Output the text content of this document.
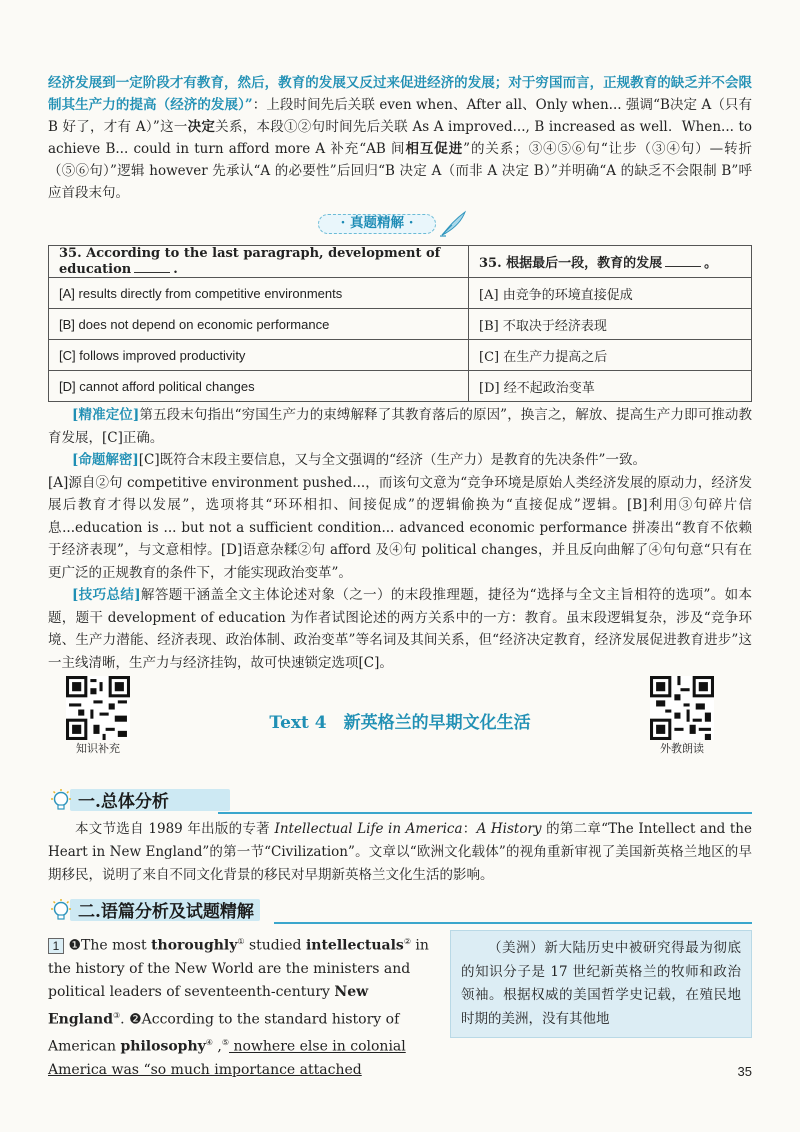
经济发展到一定阶段才有教育，然后，教育的发展又反过来促进经济的发展；对于穷国而言，正规教育的缺乏并不会限制其生产力的提高（经济的发展）”：上段时间先后关联 even when、After all、Only when... 强调“B决定 A（只有 B 好了，才有 A）”这一决定关系，本段①②句时间先后关联 As A improved..., B increased as well．When... to achieve B... could in turn afford more A 补充“AB 间相互促进”的关系；③④⑤⑥句“让步（③④句）—转折（⑤⑥句）”逻辑 however 先承认“A 的必要性”后回归“B 决定 A（而非 A 决定 B）”并明确“A 的缺乏不会限制 B”呼应首段末句。
· 真题精解 ·
35. According to the last paragraph, development of education .	35. 根据最后一段，教育的发展 。
[A] results directly from competitive environments	[A] 由竞争的环境直接促成
[B] does not depend on economic performance	[B] 不取决于经济表现
[C] follows improved productivity	[C] 在生产力提高之后
[D] cannot afford political changes	[D] 经不起政治变革

[精准定位]第五段末句指出“穷国生产力的束缚解释了其教育落后的原因”，换言之，解放、提高生产力即可推动教育发展，[C]正确。

[命题解密][C]既符合末段主要信息，又与全文强调的“经济（生产力）是教育的先决条件”一致。

[A]源自②句 competitive environment pushed...，而该句文意为“竞争环境是原始人类经济发展的原动力，经济发展后教育才得以发展”，选项将其“环环相扣、间接促成”的逻辑偷换为“直接促成”逻辑。[B]利用③句碎片信息...education is ... but not a sufficient condition... advanced economic performance 拼凑出“教育不依赖于经济表现”，与文意相悖。[D]语意杂糅②句 afford 及④句 political changes，并且反向曲解了④句句意“只有在更广泛的正规教育的条件下，才能实现政治变革”。

[技巧总结]解答题干涵盖全文主体论述对象（之一）的末段推理题，捷径为“选择与全文主旨相符的选项”。如本题，题干 development of education 为作者试图论述的两方关系中的一方：教育。虽末段逻辑复杂，涉及“竞争环境、生产力潜能、经济表现、政治体制、政治变革”等名词及其间关系，但“经济决定教育，经济发展促进教育进步”这一主线清晰，生产力与经济挂钩，故可快速锁定选项[C]。

知识补充
Text 4　新英格兰的早期文化生活
外教朗读
一.总体分析
本文节选自 1989 年出版的专著 Intellectual Life in America：A History 的第二章“The Intellect and the Heart in New England”的第一节“Civilization”。文章以“欧洲文化载体”的视角重新审视了美国新英格兰地区的早期移民，说明了来自不同文化背景的移民对早期新英格兰文化生活的影响。
二.语篇分析及试题精解
1 ❶The most thoroughly① studied intellectuals② in the history of the New World are the ministers and political leaders of seventeenth-century New England③. ❷According to the standard history of American philosophy④ ,⑤ nowhere else in colonial America was “so much importance attached
（美洲）新大陆历史中被研究得最为彻底的知识分子是 17 世纪新英格兰的牧师和政治领袖。根据权威的美国哲学史记载，在殖民地时期的美洲，没有其他地
35
